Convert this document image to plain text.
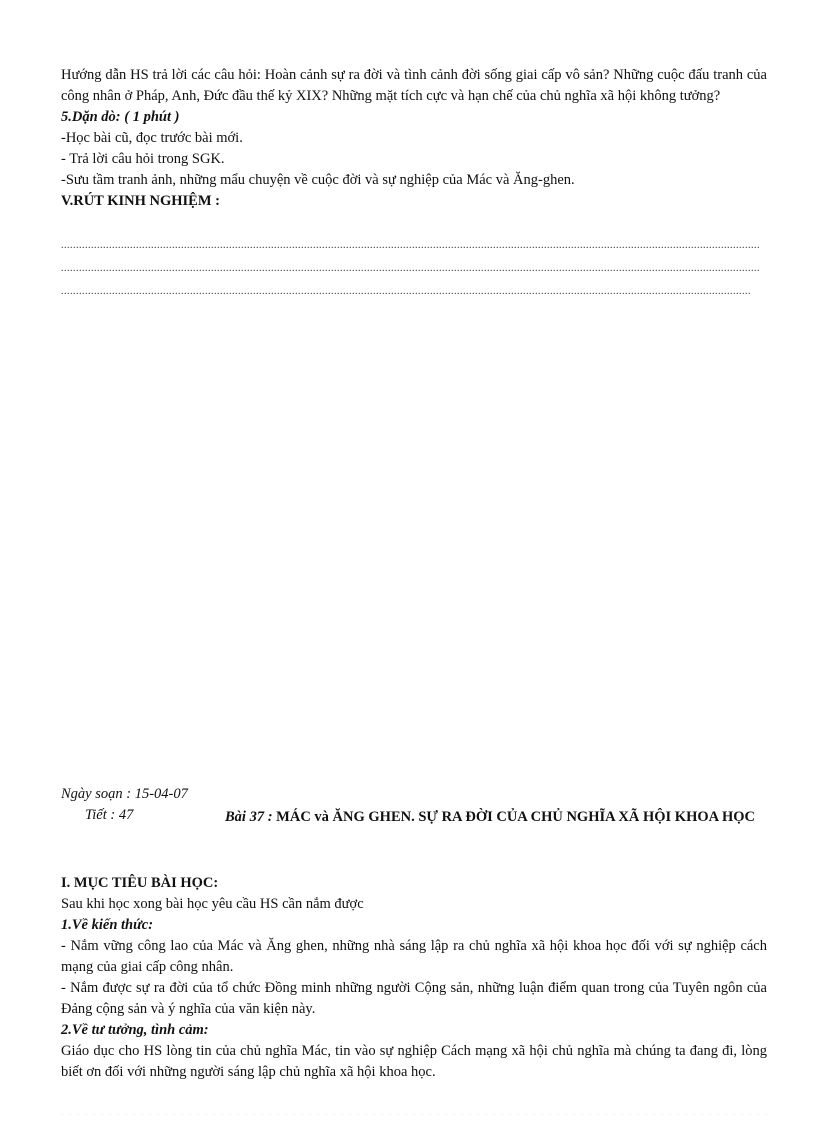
Hướng dẫn HS trả lời các câu hỏi: Hoàn cảnh sự ra đời và tình cảnh đời sống giai cấp vô sản? Những cuộc đấu tranh của công nhân ở Pháp, Anh, Đức đầu thế kỷ XIX? Những mặt tích cực và hạn chế của chủ nghĩa xã hội không tưởng?

5.Dặn dò: ( 1 phút )

-Học bài cũ, đọc trước bài mới.

- Trả lời câu hỏi trong SGK.

-Sưu tầm tranh ảnh, những mẩu chuyện về cuộc đời và sự nghiệp của Mác và Ăng-ghen.

V.RÚT KINH NGHIỆM :

.....
.....
.....
Ngày soạn : 15-04-07
Tiết : 47	Bài 37 : MÁC và ĂNG GHEN. SỰ RA ĐỜI CỦA CHỦ NGHĨA XÃ HỘI KHOA HỌC

I. MỤC TIÊU BÀI HỌC:

Sau khi học xong bài học yêu cầu HS cần nắm được

1.Về kiến thức:

- Nắm vững công lao của Mác và Ăng ghen, những nhà sáng lập ra chủ nghĩa xã hội khoa học đối với sự nghiệp cách mạng của giai cấp công nhân.

- Nắm được sự ra đời của tổ chức Đồng minh những người Cộng sản, những luận điểm quan trong của Tuyên ngôn của Đảng cộng sản và ý nghĩa của văn kiện này.

2.Về tư tưởng, tình cảm:

Giáo dục cho HS lòng tin của chủ nghĩa Mác, tin vào sự nghiệp Cách mạng xã hội chủ nghĩa mà chúng ta đang đi, lòng biết ơn đối với những người sáng lập chủ nghĩa xã hội khoa học.

. . .
